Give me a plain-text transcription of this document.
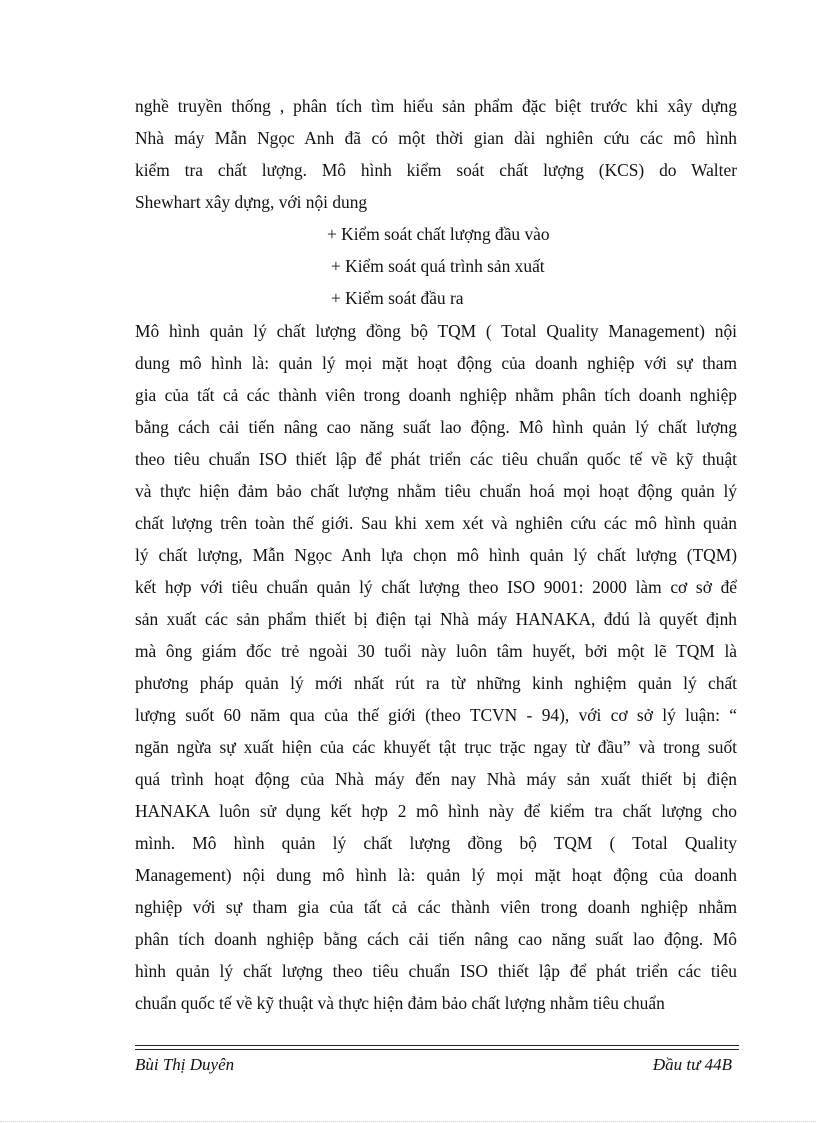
nghề truyền thống , phân tích tìm hiểu sản phẩm đặc biệt trước khi xây dựng
Nhà máy Mẫn Ngọc Anh đã có một thời gian dài nghiên cứu các mô hình
kiểm tra chất lượng. Mô hình kiểm soát chất lượng (KCS) do Walter
Shewhart xây dựng, với nội dung
+ Kiểm soát chất lượng đầu vào
+ Kiểm soát quá trình sản xuất
+ Kiểm soát đầu ra
Mô hình quản lý chất lượng đồng bộ TQM ( Total Quality Management) nội
dung mô hình là: quản lý mọi mặt hoạt động của doanh nghiệp với sự tham
gia của tất cả các thành viên trong doanh nghiệp nhằm phân tích doanh nghiệp
bằng cách cải tiến nâng cao năng suất lao động. Mô hình quản lý chất lượng
theo tiêu chuẩn ISO thiết lập để phát triển các tiêu chuẩn quốc tế về kỹ thuật
và thực hiện đảm bảo chất lượng nhằm tiêu chuẩn hoá mọi hoạt động quản lý
chất lượng trên toàn thế giới. Sau khi xem xét và nghiên cứu các mô hình quản
lý chất lượng, Mẫn Ngọc Anh lựa chọn mô hình quản lý chất lượng (TQM)
kết hợp với tiêu chuẩn quản lý chất lượng theo ISO 9001: 2000 làm cơ sở để
sản xuất các sản phẩm thiết bị điện tại Nhà máy HANAKA, đdú là quyết định
mà ông giám đốc trẻ ngoài 30 tuổi này luôn tâm huyết, bởi một lẽ TQM là
phương pháp quản lý mới nhất rút ra từ những kinh nghiệm quản lý chất
lượng suốt 60 năm qua của thế giới (theo TCVN - 94), với cơ sở lý luận: “
ngăn ngừa sự xuất hiện của các khuyết tật trục trặc ngay từ đầu” và trong suốt
quá trình hoạt động của Nhà máy đến nay Nhà máy sản xuất thiết bị điện
HANAKA luôn sử dụng kết hợp 2 mô hình này để kiểm tra chất lượng cho
mình. Mô hình quản lý chất lượng đồng bộ TQM ( Total Quality
Management) nội dung mô hình là: quản lý mọi mặt hoạt động của doanh
nghiệp với sự tham gia của tất cả các thành viên trong doanh nghiệp nhằm
phân tích doanh nghiệp bằng cách cải tiến nâng cao năng suất lao động. Mô
hình quản lý chất lượng theo tiêu chuẩn ISO thiết lập để phát triển các tiêu
chuẩn quốc tế về kỹ thuật và thực hiện đảm bảo chất lượng nhằm tiêu chuẩn
Bùi Thị Duyên	Đầu tư 44B
